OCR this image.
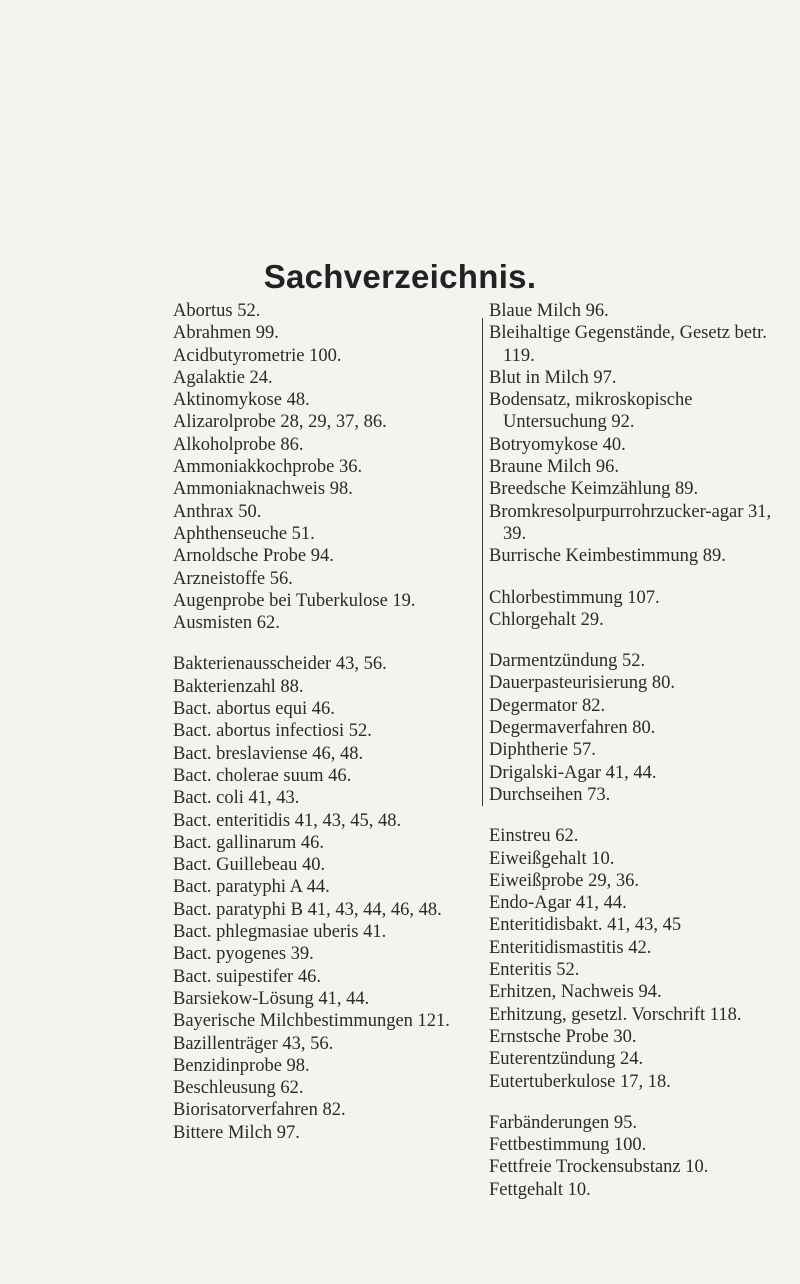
Sachverzeichnis.
Abortus 52.
Abrahmen 99.
Acidbutyrometrie 100.
Agalaktie 24.
Aktinomykose 48.
Alizarolprobe 28, 29, 37, 86.
Alkoholprobe 86.
Ammoniakkochprobe 36.
Ammoniaknachweis 98.
Anthrax 50.
Aphthenseuche 51.
Arnoldsche Probe 94.
Arzneistoffe 56.
Augenprobe bei Tuberkulose 19.
Ausmisten 62.
Bakterienausscheider 43, 56.
Bakterienzahl 88.
Bact. abortus equi 46.
Bact. abortus infectiosi 52.
Bact. breslaviense 46, 48.
Bact. cholerae suum 46.
Bact. coli 41, 43.
Bact. enteritidis 41, 43, 45, 48.
Bact. gallinarum 46.
Bact. Guillebeau 40.
Bact. paratyphi A 44.
Bact. paratyphi B 41, 43, 44, 46, 48.
Bact. phlegmasiae uberis 41.
Bact. pyogenes 39.
Bact. suipestifer 46.
Barsiekow-Lösung 41, 44.
Bayerische Milchbestimmungen 121.
Bazillenträger 43, 56.
Benzidinprobe 98.
Beschleusung 62.
Biorisatorverfahren 82.
Bittere Milch 97.
Blaue Milch 96.
Bleihaltige Gegenstände, Gesetz betr. 119.
Blut in Milch 97.
Bodensatz, mikroskopische Untersuchung 92.
Botryomykose 40.
Braune Milch 96.
Breedsche Keimzählung 89.
Bromkresolpurpurrohrzucker-agar 31, 39.
Burrische Keimbestimmung 89.
Chlorbestimmung 107.
Chlorgehalt 29.
Darmentzündung 52.
Dauerpasteurisierung 80.
Degermator 82.
Degermaverfahren 80.
Diphtherie 57.
Drigalski-Agar 41, 44.
Durchseihen 73.
Einstreu 62.
Eiweißgehalt 10.
Eiweißprobe 29, 36.
Endo-Agar 41, 44.
Enteritidisbakt. 41, 43, 45
Enteritidismastitis 42.
Enteritis 52.
Erhitzen, Nachweis 94.
Erhitzung, gesetzl. Vorschrift 118.
Ernstsche Probe 30.
Euterentzündung 24.
Eutertuberkulose 17, 18.
Farbänderungen 95.
Fettbestimmung 100.
Fettfreie Trockensubstanz 10.
Fettgehalt 10.
